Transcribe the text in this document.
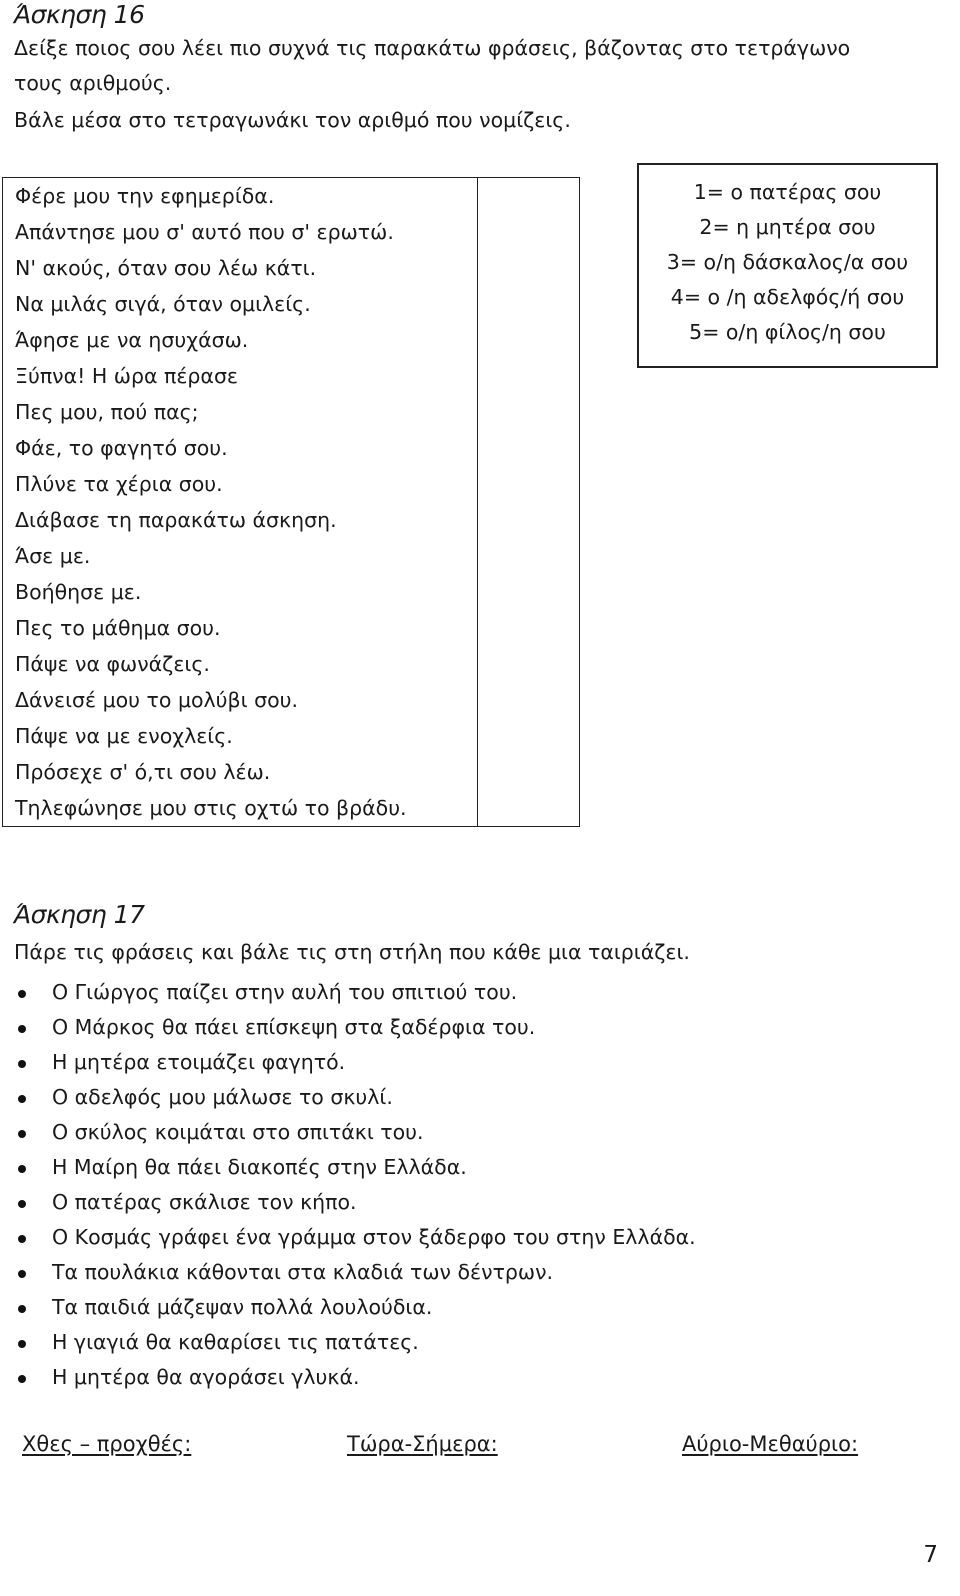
Άσκηση 16
Δείξε ποιος σου λέει πιο συχνά τις παρακάτω φράσεις, βάζοντας στο τετράγωνο
τους αριθμούς.
Βάλε μέσα στο τετραγωνάκι τον αριθμό που νομίζεις.
Φέρε μου την εφημερίδα.
Απάντησε μου σ' αυτό που σ' ερωτώ.
Ν' ακούς, όταν σου λέω κάτι.
Να μιλάς σιγά, όταν ομιλείς.
Άφησε με να ησυχάσω.
Ξύπνα! Η ώρα πέρασε
Πες μου, πού πας;
Φάε, το φαγητό σου.
Πλύνε τα χέρια σου.
Διάβασε τη παρακάτω άσκηση.
Άσε με.
Βοήθησε με.
Πες το μάθημα σου.
Πάψε να φωνάζεις.
Δάνεισέ μου το μολύβι σου.
Πάψε να με ενοχλείς.
Πρόσεχε σ' ό,τι σου λέω.
Τηλεφώνησε μου στις οχτώ το βράδυ.

1= ο πατέρας σου
2= η μητέρα σου
3= ο/η δάσκαλος/α σου
4= ο /η αδελφός/ή σου
5= ο/η φίλος/η σου
Άσκηση 17
Πάρε τις φράσεις και βάλε τις στη στήλη που κάθε μια ταιριάζει.
Ο Γιώργος παίζει στην αυλή του σπιτιού του.
Ο Μάρκος θα πάει επίσκεψη στα ξαδέρφια του.
Η μητέρα ετοιμάζει φαγητό.
Ο αδελφός μου μάλωσε το σκυλί.
Ο σκύλος κοιμάται στο σπιτάκι του.
Η Μαίρη θα πάει διακοπές στην Ελλάδα.
Ο πατέρας σκάλισε τον κήπο.
Ο Κοσμάς γράφει ένα γράμμα στον ξάδερφο του στην Ελλάδα.
Τα πουλάκια κάθονται στα κλαδιά των δέντρων.
Τα παιδιά μάζεψαν πολλά λουλούδια.
Η γιαγιά θα καθαρίσει τις πατάτες.
Η μητέρα θα αγοράσει γλυκά.
Χθες – προχθές:	Τώρα-Σήμερα:	Αύριο-Μεθαύριο:
7
